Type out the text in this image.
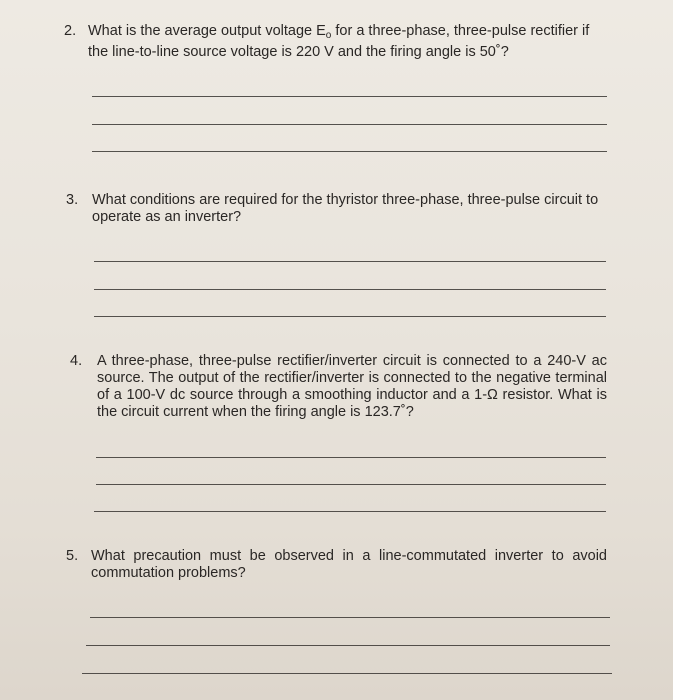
2. What is the average output voltage $E_o$ for a three-phase, three-pulse rectifier if the line-to-line source voltage is 220 V and the firing angle is 50˚?
3. What conditions are required for the thyristor three-phase, three-pulse circuit to operate as an inverter?
4. A three-phase, three-pulse rectifier/inverter circuit is connected to a 240-V ac source. The output of the rectifier/inverter is connected to the negative terminal of a 100-V dc source through a smoothing inductor and a 1-Ω resistor. What is the circuit current when the firing angle is 123.7˚?
5. What precaution must be observed in a line-commutated inverter to avoid commutation problems?
